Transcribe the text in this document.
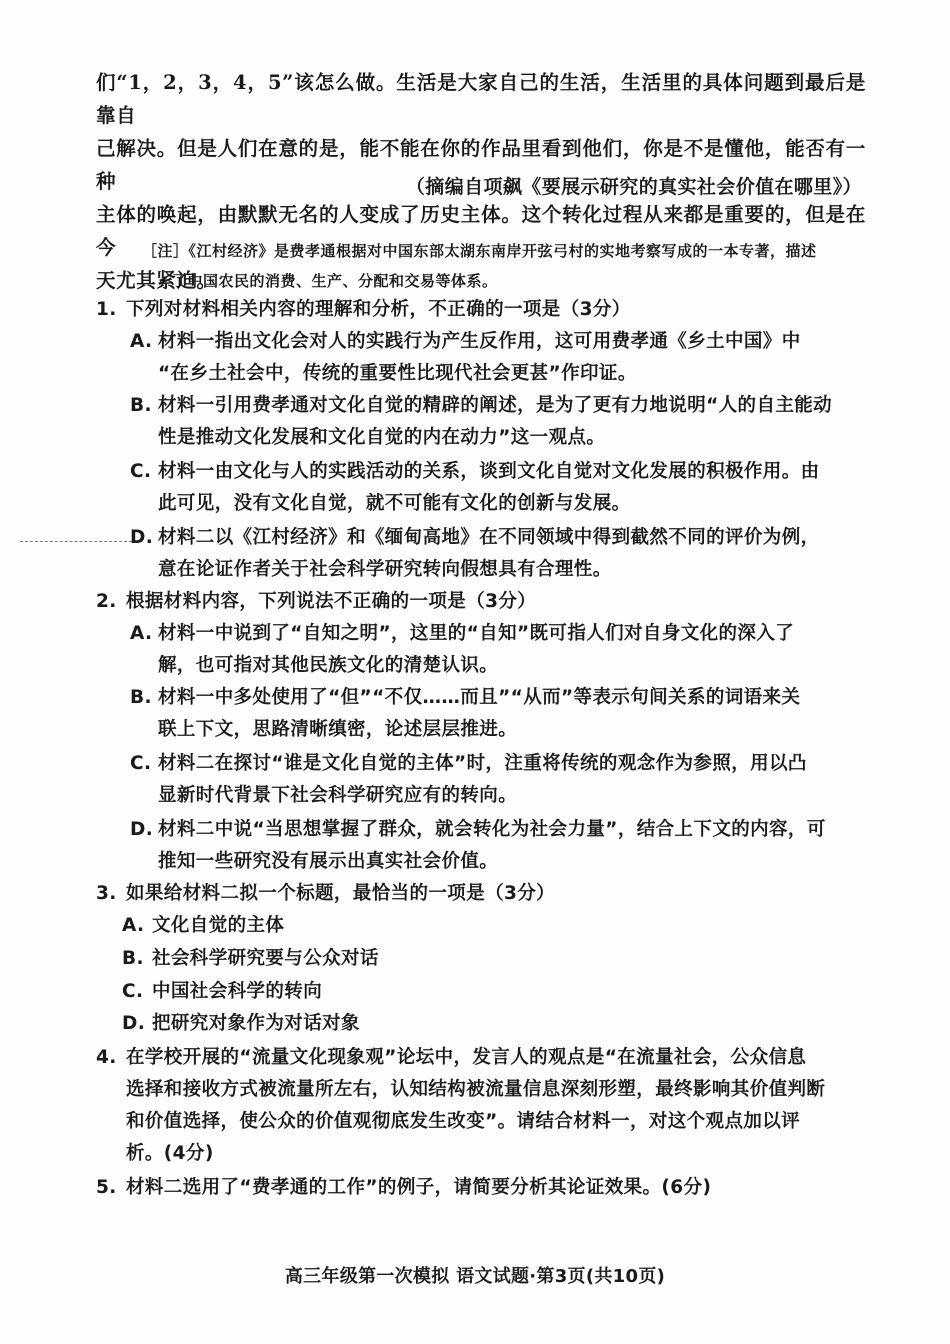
们“1，2，3，4，5”该怎么做。生活是大家自己的生活，生活里的具体问题到最后是靠自
己解决。但是人们在意的是，能不能在你的作品里看到他们，你是不是懂他，能否有一种
主体的唤起，由默默无名的人变成了历史主体。这个转化过程从来都是重要的，但是在今
天尤其紧迫。
（摘编自项飙《要展示研究的真实社会价值在哪里》）
［注］《江村经济》是费孝通根据对中国东部太湖东南岸开弦弓村的实地考察写成的一本专著，描述
了中国农民的消费、生产、分配和交易等体系。
1. 下列对材料相关内容的理解和分析，不正确的一项是（3分）
A. 材料一指出文化会对人的实践行为产生反作用，这可用费孝通《乡土中国》中
“在乡土社会中，传统的重要性比现代社会更甚”作印证。
B. 材料一引用费孝通对文化自觉的精辟的阐述，是为了更有力地说明“人的自主能动
性是推动文化发展和文化自觉的内在动力”这一观点。
C. 材料一由文化与人的实践活动的关系，谈到文化自觉对文化发展的积极作用。由
此可见，没有文化自觉，就不可能有文化的创新与发展。
D. 材料二以《江村经济》和《缅甸高地》在不同领域中得到截然不同的评价为例，
意在论证作者关于社会科学研究转向假想具有合理性。
2. 根据材料内容，下列说法不正确的一项是（3分）
A. 材料一中说到了“自知之明”，这里的“自知”既可指人们对自身文化的深入了
解，也可指对其他民族文化的清楚认识。
B. 材料一中多处使用了“但”“不仅……而且”“从而”等表示句间关系的词语来关
联上下文，思路清晰缜密，论述层层推进。
C. 材料二在探讨“谁是文化自觉的主体”时，注重将传统的观念作为参照，用以凸
显新时代背景下社会科学研究应有的转向。
D. 材料二中说“当思想掌握了群众，就会转化为社会力量”，结合上下文的内容，可
推知一些研究没有展示出真实社会价值。
3. 如果给材料二拟一个标题，最恰当的一项是（3分）
A. 文化自觉的主体
B. 社会科学研究要与公众对话
C. 中国社会科学的转向
D. 把研究对象作为对话对象
4. 在学校开展的“流量文化现象观”论坛中，发言人的观点是“在流量社会，公众信息
选择和接收方式被流量所左右，认知结构被流量信息深刻形塑，最终影响其价值判断
和价值选择，使公众的价值观彻底发生改变”。请结合材料一，对这个观点加以评
析。(4分)
5. 材料二选用了“费孝通的工作”的例子，请简要分析其论证效果。(6分)
高三年级第一次模拟 语文试题·第3页(共10页)
